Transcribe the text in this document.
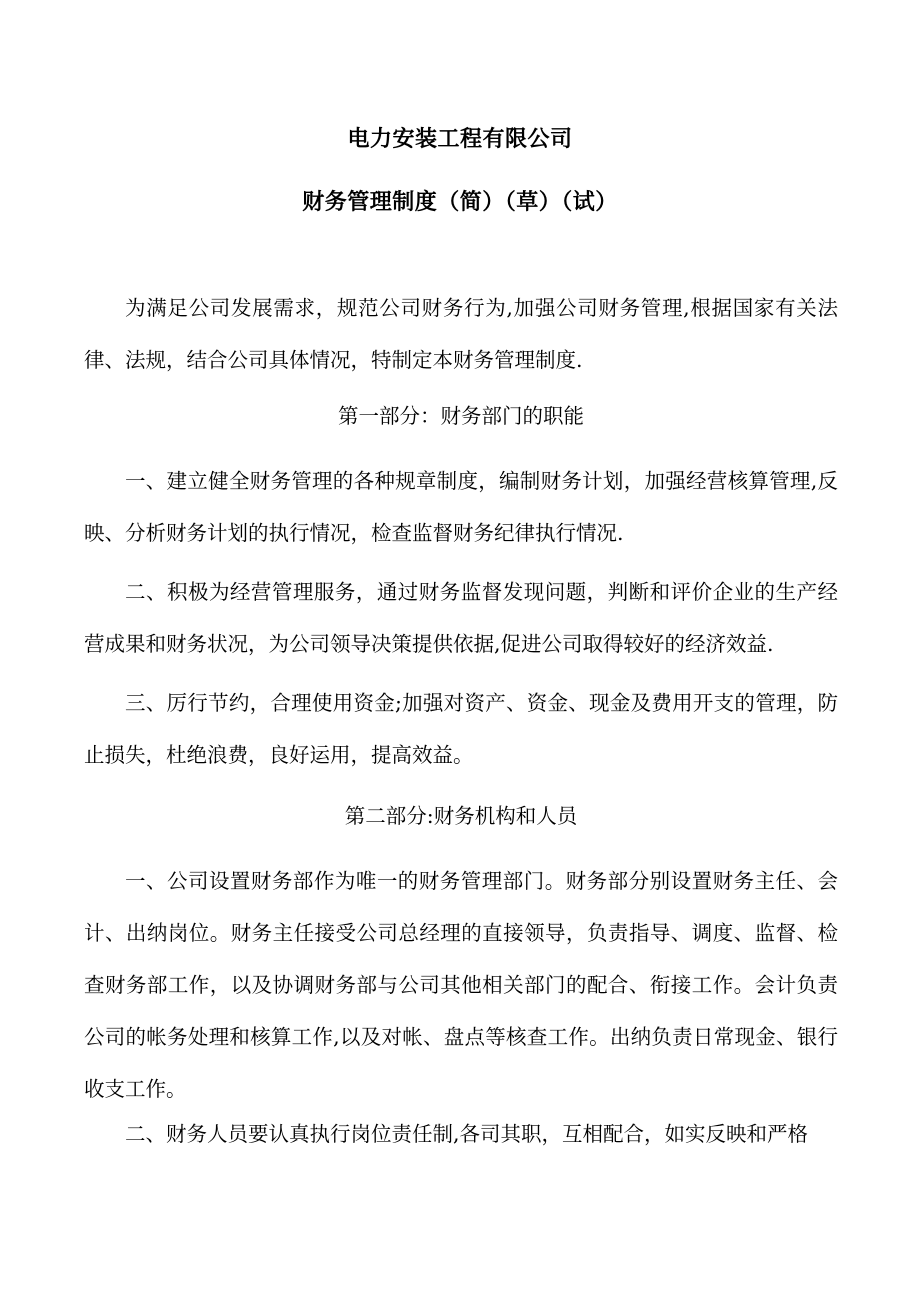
电力安装工程有限公司
财务管理制度（简）（草）（试）

为满足公司发展需求，规范公司财务行为,加强公司财务管理,根据国家有关法律、法规，结合公司具体情况，特制定本财务管理制度.

第一部分：财务部门的职能

一、建立健全财务管理的各种规章制度，编制财务计划，加强经营核算管理,反映、分析财务计划的执行情况，检查监督财务纪律执行情况.

二、积极为经营管理服务，通过财务监督发现问题，判断和评价企业的生产经营成果和财务状况，为公司领导决策提供依据,促进公司取得较好的经济效益.

三、厉行节约，合理使用资金;加强对资产、资金、现金及费用开支的管理，防止损失，杜绝浪费，良好运用，提高效益。

第二部分:财务机构和人员

一、公司设置财务部作为唯一的财务管理部门。财务部分别设置财务主任、会计、出纳岗位。财务主任接受公司总经理的直接领导，负责指导、调度、监督、检查财务部工作，以及协调财务部与公司其他相关部门的配合、衔接工作。会计负责公司的帐务处理和核算工作,以及对帐、盘点等核查工作。出纳负责日常现金、银行收支工作。

二、财务人员要认真执行岗位责任制,各司其职，互相配合，如实反映和严格
